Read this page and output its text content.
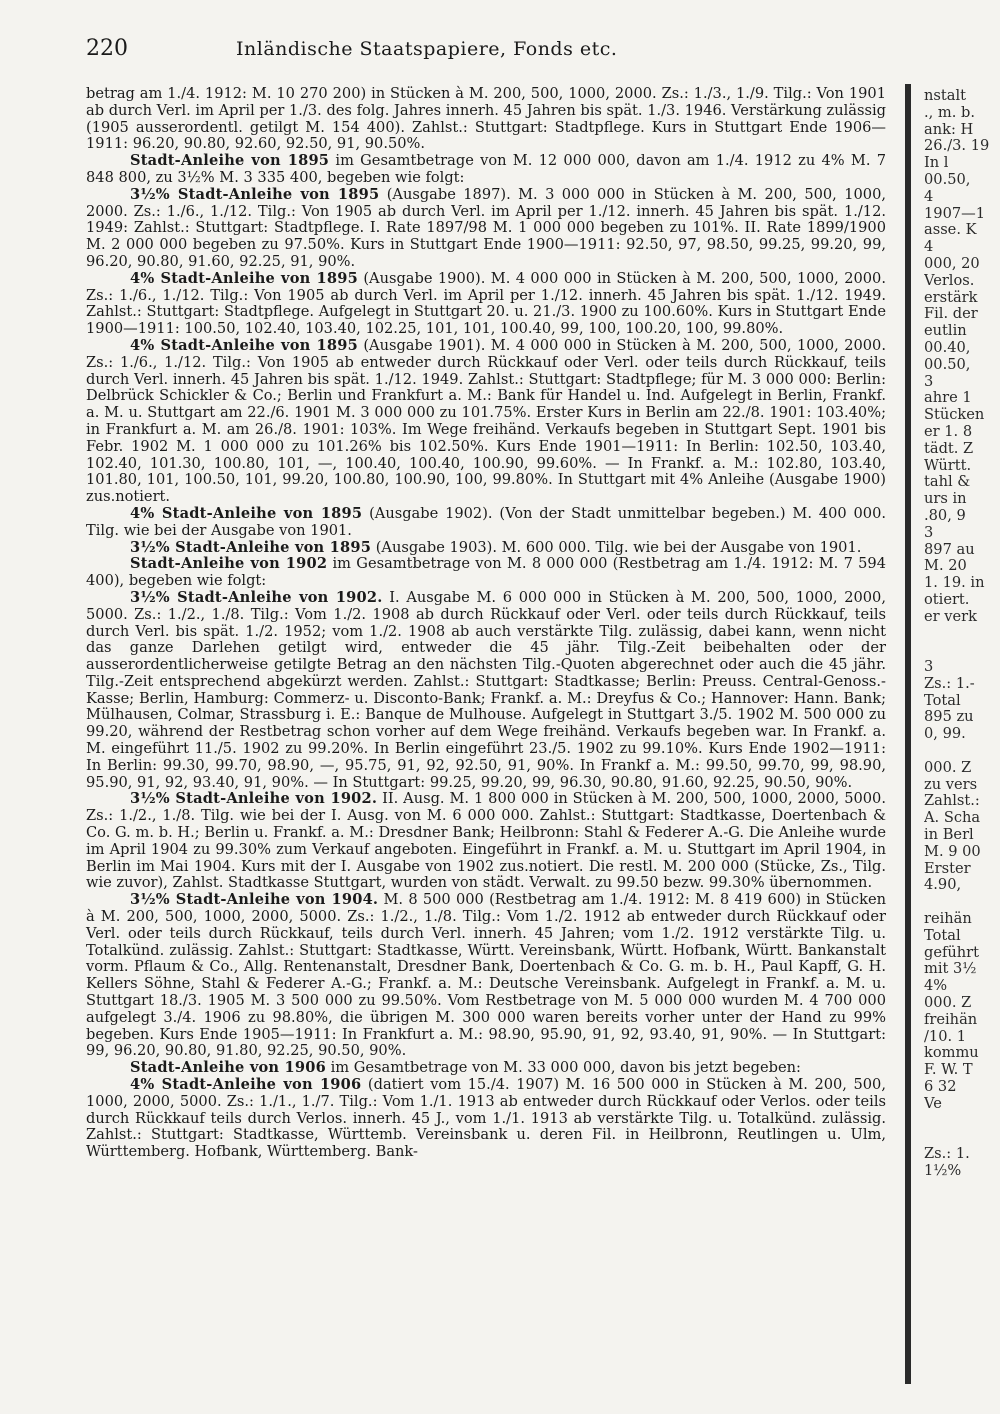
220	Inländische Staatspapiere, Fonds etc.

betrag am 1./4. 1912: M. 10 270 200) in Stücken à M. 200, 500, 1000, 2000. Zs.: 1./3., 1./9. Tilg.: Von 1901 ab durch Verl. im April per 1./3. des folg. Jahres innerh. 45 Jahren bis spät. 1./3. 1946. Verstärkung zulässig (1905 ausserordentl. getilgt M. 154 400). Zahlst.: Stuttgart: Stadtpflege. Kurs in Stuttgart Ende 1906—1911: 96.20, 90.80, 92.60, 92.50, 91, 90.50%.

Stadt-Anleihe von 1895 im Gesamtbetrage von M. 12 000 000, davon am 1./4. 1912 zu 4% M. 7 848 800, zu 3½% M. 3 335 400, begeben wie folgt:

3½% Stadt-Anleihe von 1895 (Ausgabe 1897). M. 3 000 000 in Stücken à M. 200, 500, 1000, 2000. Zs.: 1./6., 1./12. Tilg.: Von 1905 ab durch Verl. im April per 1./12. innerh. 45 Jahren bis spät. 1./12. 1949: Zahlst.: Stuttgart: Stadtpflege. I. Rate 1897/98 M. 1 000 000 begeben zu 101%. II. Rate 1899/1900 M. 2 000 000 begeben zu 97.50%. Kurs in Stuttgart Ende 1900—1911: 92.50, 97, 98.50, 99.25, 99.20, 99, 96.20, 90.80, 91.60, 92.25, 91, 90%.

4% Stadt-Anleihe von 1895 (Ausgabe 1900). M. 4 000 000 in Stücken à M. 200, 500, 1000, 2000. Zs.: 1./6., 1./12. Tilg.: Von 1905 ab durch Verl. im April per 1./12. innerh. 45 Jahren bis spät. 1./12. 1949. Zahlst.: Stuttgart: Stadtpflege. Aufgelegt in Stuttgart 20. u. 21./3. 1900 zu 100.60%. Kurs in Stuttgart Ende 1900—1911: 100.50, 102.40, 103.40, 102.25, 101, 101, 100.40, 99, 100, 100.20, 100, 99.80%.

4% Stadt-Anleihe von 1895 (Ausgabe 1901). M. 4 000 000 in Stücken à M. 200, 500, 1000, 2000. Zs.: 1./6., 1./12. Tilg.: Von 1905 ab entweder durch Rückkauf oder Verl. oder teils durch Rückkauf, teils durch Verl. innerh. 45 Jahren bis spät. 1./12. 1949. Zahlst.: Stuttgart: Stadtpflege; für M. 3 000 000: Berlin: Delbrück Schickler & Co.; Berlin und Frankfurt a. M.: Bank für Handel u. Ind. Aufgelegt in Berlin, Frankf. a. M. u. Stuttgart am 22./6. 1901 M. 3 000 000 zu 101.75%. Erster Kurs in Berlin am 22./8. 1901: 103.40%; in Frankfurt a. M. am 26./8. 1901: 103%. Im Wege freihänd. Verkaufs begeben in Stuttgart Sept. 1901 bis Febr. 1902 M. 1 000 000 zu 101.26% bis 102.50%. Kurs Ende 1901—1911: In Berlin: 102.50, 103.40, 102.40, 101.30, 100.80, 101, —, 100.40, 100.40, 100.90, 99.60%. — In Frankf. a. M.: 102.80, 103.40, 101.80, 101, 100.50, 101, 99.20, 100.80, 100.90, 100, 99.80%. In Stuttgart mit 4% Anleihe (Ausgabe 1900) zus.notiert.

4% Stadt-Anleihe von 1895 (Ausgabe 1902). (Von der Stadt unmittelbar begeben.) M. 400 000. Tilg. wie bei der Ausgabe von 1901.

3½% Stadt-Anleihe von 1895 (Ausgabe 1903). M. 600 000. Tilg. wie bei der Ausgabe von 1901.

Stadt-Anleihe von 1902 im Gesamtbetrage von M. 8 000 000 (Restbetrag am 1./4. 1912: M. 7 594 400), begeben wie folgt:

3½% Stadt-Anleihe von 1902. I. Ausgabe M. 6 000 000 in Stücken à M. 200, 500, 1000, 2000, 5000. Zs.: 1./2., 1./8. Tilg.: Vom 1./2. 1908 ab durch Rückkauf oder Verl. oder teils durch Rückkauf, teils durch Verl. bis spät. 1./2. 1952; vom 1./2. 1908 ab auch verstärkte Tilg. zulässig, dabei kann, wenn nicht das ganze Darlehen getilgt wird, entweder die 45 jähr. Tilg.-Zeit beibehalten oder der ausserordentlicherweise getilgte Betrag an den nächsten Tilg.-Quoten abgerechnet oder auch die 45 jähr. Tilg.-Zeit entsprechend abgekürzt werden. Zahlst.: Stuttgart: Stadtkasse; Berlin: Preuss. Central-Genoss.-Kasse; Berlin, Hamburg: Commerz- u. Disconto-Bank; Frankf. a. M.: Dreyfus & Co.; Hannover: Hann. Bank; Mülhausen, Colmar, Strassburg i. E.: Banque de Mulhouse. Aufgelegt in Stuttgart 3./5. 1902 M. 500 000 zu 99.20, während der Restbetrag schon vorher auf dem Wege freihänd. Verkaufs begeben war. In Frankf. a. M. eingeführt 11./5. 1902 zu 99.20%. In Berlin eingeführt 23./5. 1902 zu 99.10%. Kurs Ende 1902—1911: In Berlin: 99.30, 99.70, 98.90, —, 95.75, 91, 92, 92.50, 91, 90%. In Frankf a. M.: 99.50, 99.70, 99, 98.90, 95.90, 91, 92, 93.40, 91, 90%. — In Stuttgart: 99.25, 99.20, 99, 96.30, 90.80, 91.60, 92.25, 90.50, 90%.

3½% Stadt-Anleihe von 1902. II. Ausg. M. 1 800 000 in Stücken à M. 200, 500, 1000, 2000, 5000. Zs.: 1./2., 1./8. Tilg. wie bei der I. Ausg. von M. 6 000 000. Zahlst.: Stuttgart: Stadtkasse, Doertenbach & Co. G. m. b. H.; Berlin u. Frankf. a. M.: Dresdner Bank; Heilbronn: Stahl & Federer A.-G. Die Anleihe wurde im April 1904 zu 99.30% zum Verkauf angeboten. Eingeführt in Frankf. a. M. u. Stuttgart im April 1904, in Berlin im Mai 1904. Kurs mit der I. Ausgabe von 1902 zus.notiert. Die restl. M. 200 000 (Stücke, Zs., Tilg. wie zuvor), Zahlst. Stadtkasse Stuttgart, wurden von städt. Verwalt. zu 99.50 bezw. 99.30% übernommen.

3½% Stadt-Anleihe von 1904. M. 8 500 000 (Restbetrag am 1./4. 1912: M. 8 419 600) in Stücken à M. 200, 500, 1000, 2000, 5000. Zs.: 1./2., 1./8. Tilg.: Vom 1./2. 1912 ab entweder durch Rückkauf oder Verl. oder teils durch Rückkauf, teils durch Verl. innerh. 45 Jahren; vom 1./2. 1912 verstärkte Tilg. u. Totalkünd. zulässig. Zahlst.: Stuttgart: Stadtkasse, Württ. Vereinsbank, Württ. Hofbank, Württ. Bankanstalt vorm. Pflaum & Co., Allg. Rentenanstalt, Dresdner Bank, Doertenbach & Co. G. m. b. H., Paul Kapff, G. H. Kellers Söhne, Stahl & Federer A.-G.; Frankf. a. M.: Deutsche Vereinsbank. Aufgelegt in Frankf. a. M. u. Stuttgart 18./3. 1905 M. 3 500 000 zu 99.50%. Vom Restbetrage von M. 5 000 000 wurden M. 4 700 000 aufgelegt 3./4. 1906 zu 98.80%, die übrigen M. 300 000 waren bereits vorher unter der Hand zu 99% begeben. Kurs Ende 1905—1911: In Frankfurt a. M.: 98.90, 95.90, 91, 92, 93.40, 91, 90%. — In Stuttgart: 99, 96.20, 90.80, 91.80, 92.25, 90.50, 90%.

Stadt-Anleihe von 1906 im Gesamtbetrage von M. 33 000 000, davon bis jetzt begeben:

4% Stadt-Anleihe von 1906 (datiert vom 15./4. 1907) M. 16 500 000 in Stücken à M. 200, 500, 1000, 2000, 5000. Zs.: 1./1., 1./7. Tilg.: Vom 1./1. 1913 ab entweder durch Rückkauf oder Verlos. oder teils durch Rückkauf teils durch Verlos. innerh. 45 J., vom 1./1. 1913 ab verstärkte Tilg. u. Totalkünd. zulässig. Zahlst.: Stuttgart: Stadtkasse, Württemb. Vereinsbank u. deren Fil. in Heilbronn, Reutlingen u. Ulm, Württemberg. Hofbank, Württemberg. Bank-

nstalt
., m. b.
ank: H
26./3. 19
In l
00.50,
4
1907—1
asse. K
4
000, 20
Verlos.
erstärk
Fil. der
eutlin
00.40,
00.50,
3
ahre 1
Stücken
er 1. 8
tädt. Z
Württ.
tahl &
urs in
.80, 9
3
897 au
M. 20
1. 19. in
otiert.
er verk

3
Zs.: 1.-
Total
895 zu
0, 99.

000. Z
zu vers
Zahlst.:
A. Scha
in Berl
M. 9 00
Erster
4.90,

reihän
Total
geführt
mit 3½
4%
000. Z
freihän
/10. 1
kommu
F. W. T
6 32
Ve

Zs.: 1.
1½%
